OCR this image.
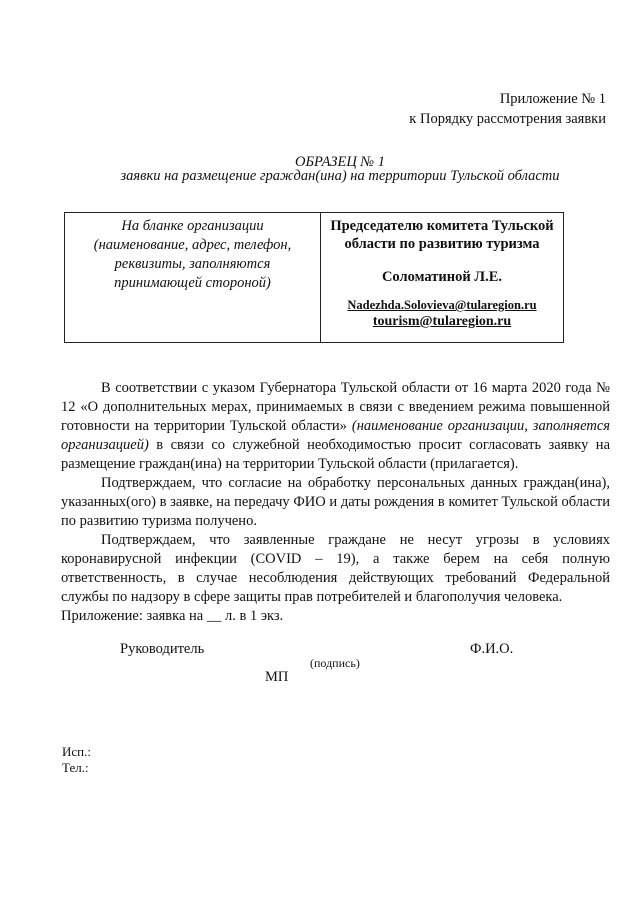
Приложение № 1
к Порядку рассмотрения заявки
ОБРАЗЕЦ № 1
заявки на размещение граждан(ина) на территории Тульской области
На бланке организации
(наименование, адрес, телефон,
реквизиты, заполняются
принимающей стороной)
Председателю комитета Тульской
области по развитию туризма
Соломатиной Л.Е.
Nadezhda.Solovieva@tularegion.ru
tourism@tularegion.ru

В соответствии с указом Губернатора Тульской области от 16 марта 2020 года № 12 «О дополнительных мерах, принимаемых в связи с введением режима повышенной готовности на территории Тульской области» (наименование организации, заполняется организацией) в связи со служебной необходимостью просит согласовать заявку на размещение граждан(ина) на территории Тульской области (прилагается).

Подтверждаем, что согласие на обработку персональных данных граждан(ина), указанных(ого) в заявке, на передачу ФИО и даты рождения в комитет Тульской области по развитию туризма получено.

Подтверждаем, что заявленные граждане не несут угрозы в условиях коронавирусной инфекции (COVID – 19), а также берем на себя полную ответственность, в случае несоблюдения действующих требований Федеральной службы по надзору в сфере защиты прав потребителей и благополучия человека.

Приложение: заявка на __ л. в 1 экз.

Руководитель	Ф.И.О.
(подпись)
МП
Исп.:
Тел.:
